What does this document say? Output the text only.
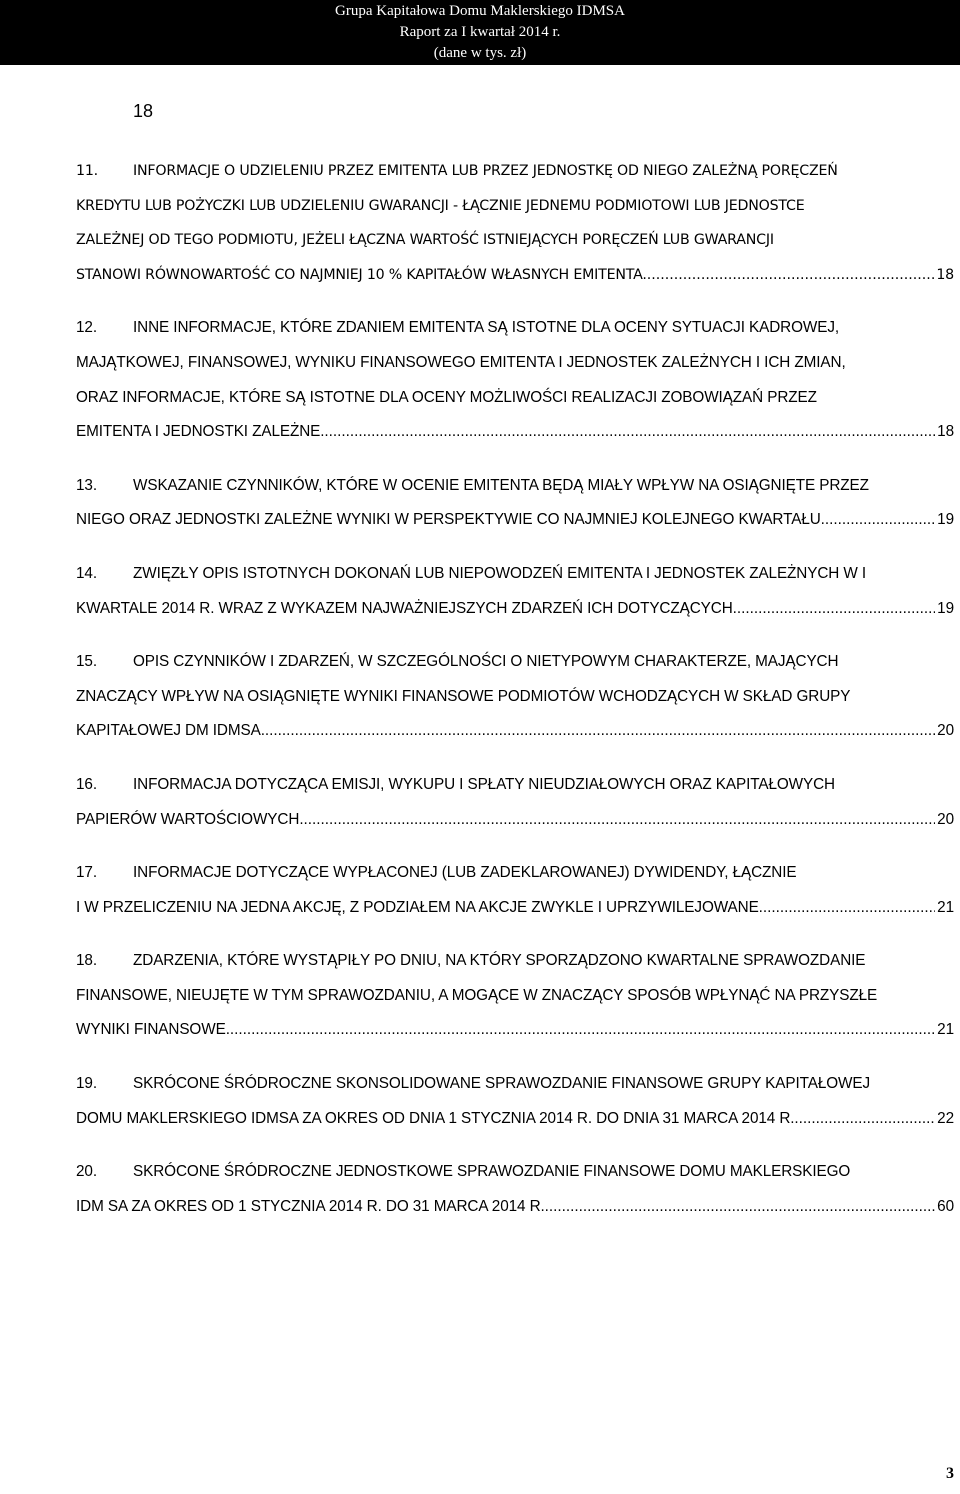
Grupa Kapitałowa Domu Maklerskiego IDMSA
Raport za I kwartał 2014 r.
(dane w tys. zł)
18
11. INFORMACJE O UDZIELENIU PRZEZ EMITENTA LUB PRZEZ JEDNOSTKĘ OD NIEGO ZALEŻNĄ PORĘCZEŃ
KREDYTU LUB POŻYCZKI LUB UDZIELENIU GWARANCJI - ŁĄCZNIE JEDNEMU PODMIOTOWI LUB JEDNOSTCE
ZALEŻNEJ OD TEGO PODMIOTU, JEŻELI ŁĄCZNA WARTOŚĆ ISTNIEJĄCYCH PORĘCZEŃ LUB GWARANCJI
STANOWI RÓWNOWARTOŚĆ CO NAJMNIEJ 10 % KAPITAŁÓW WŁASNYCH EMITENTA. .....	18
12. INNE INFORMACJE, KTÓRE ZDANIEM EMITENTA SĄ ISTOTNE DLA OCENY SYTUACJI KADROWEJ,
MAJĄTKOWEJ, FINANSOWEJ, WYNIKU FINANSOWEGO EMITENTA I JEDNOSTEK ZALEŻNYCH I ICH ZMIAN,
ORAZ INFORMACJE, KTÓRE SĄ ISTOTNE DLA OCENY MOŻLIWOŚCI REALIZACJI ZOBOWIĄZAŃ PRZEZ
EMITENTA I JEDNOSTKI ZALEŻNE. .....	18
13. WSKAZANIE CZYNNIKÓW, KTÓRE W OCENIE EMITENTA BĘDĄ MIAŁY WPŁYW NA OSIĄGNIĘTE PRZEZ
NIEGO ORAZ JEDNOSTKI ZALEŻNE WYNIKI W PERSPEKTYWIE CO NAJMNIEJ KOLEJNEGO KWARTAŁU. .....	19
14. ZWIĘZŁY OPIS ISTOTNYCH DOKONAŃ LUB NIEPOWODZEŃ EMITENTA I JEDNOSTEK ZALEŻNYCH W I
KWARTALE 2014 R. WRAZ Z WYKAZEM NAJWAŻNIEJSZYCH ZDARZEŃ ICH DOTYCZĄCYCH. .....	19
15. OPIS CZYNNIKÓW I ZDARZEŃ, W SZCZEGÓLNOŚCI O NIETYPOWYM CHARAKTERZE, MAJĄCYCH
ZNACZĄCY WPŁYW NA OSIĄGNIĘTE WYNIKI FINANSOWE PODMIOTÓW WCHODZĄCYCH W SKŁAD GRUPY
KAPITAŁOWEJ DM IDMSA. .....	20
16. INFORMACJA DOTYCZĄCA EMISJI, WYKUPU I SPŁATY NIEUDZIAŁOWYCH ORAZ KAPITAŁOWYCH
PAPIERÓW WARTOŚCIOWYCH .....	20
17. INFORMACJE DOTYCZĄCE WYPŁACONEJ (LUB ZADEKLAROWANEJ) DYWIDENDY, ŁĄCZNIE
I W PRZELICZENIU NA JEDNA AKCJĘ, Z PODZIAŁEM NA AKCJE ZWYKLE I UPRZYWILEJOWANE. .....	21
18. ZDARZENIA, KTÓRE WYSTĄPIŁY PO DNIU, NA KTÓRY SPORZĄDZONO KWARTALNE SPRAWOZDANIE
FINANSOWE, NIEUJĘTE W TYM SPRAWOZDANIU, A MOGĄCE W ZNACZĄCY SPOSÓB WPŁYNĄĆ NA PRZYSZŁE
WYNIKI FINANSOWE .....	21
19. SKRÓCONE ŚRÓDROCZNE SKONSOLIDOWANE SPRAWOZDANIE FINANSOWE GRUPY KAPITAŁOWEJ
DOMU MAKLERSKIEGO IDMSA ZA OKRES OD DNIA 1 STYCZNIA 2014 R. DO DNIA 31 MARCA 2014 R. .....	22
20. SKRÓCONE ŚRÓDROCZNE JEDNOSTKOWE SPRAWOZDANIE FINANSOWE DOMU MAKLERSKIEGO
IDM SA ZA OKRES OD 1 STYCZNIA 2014 R. DO 31 MARCA 2014 R. .....	60
3
